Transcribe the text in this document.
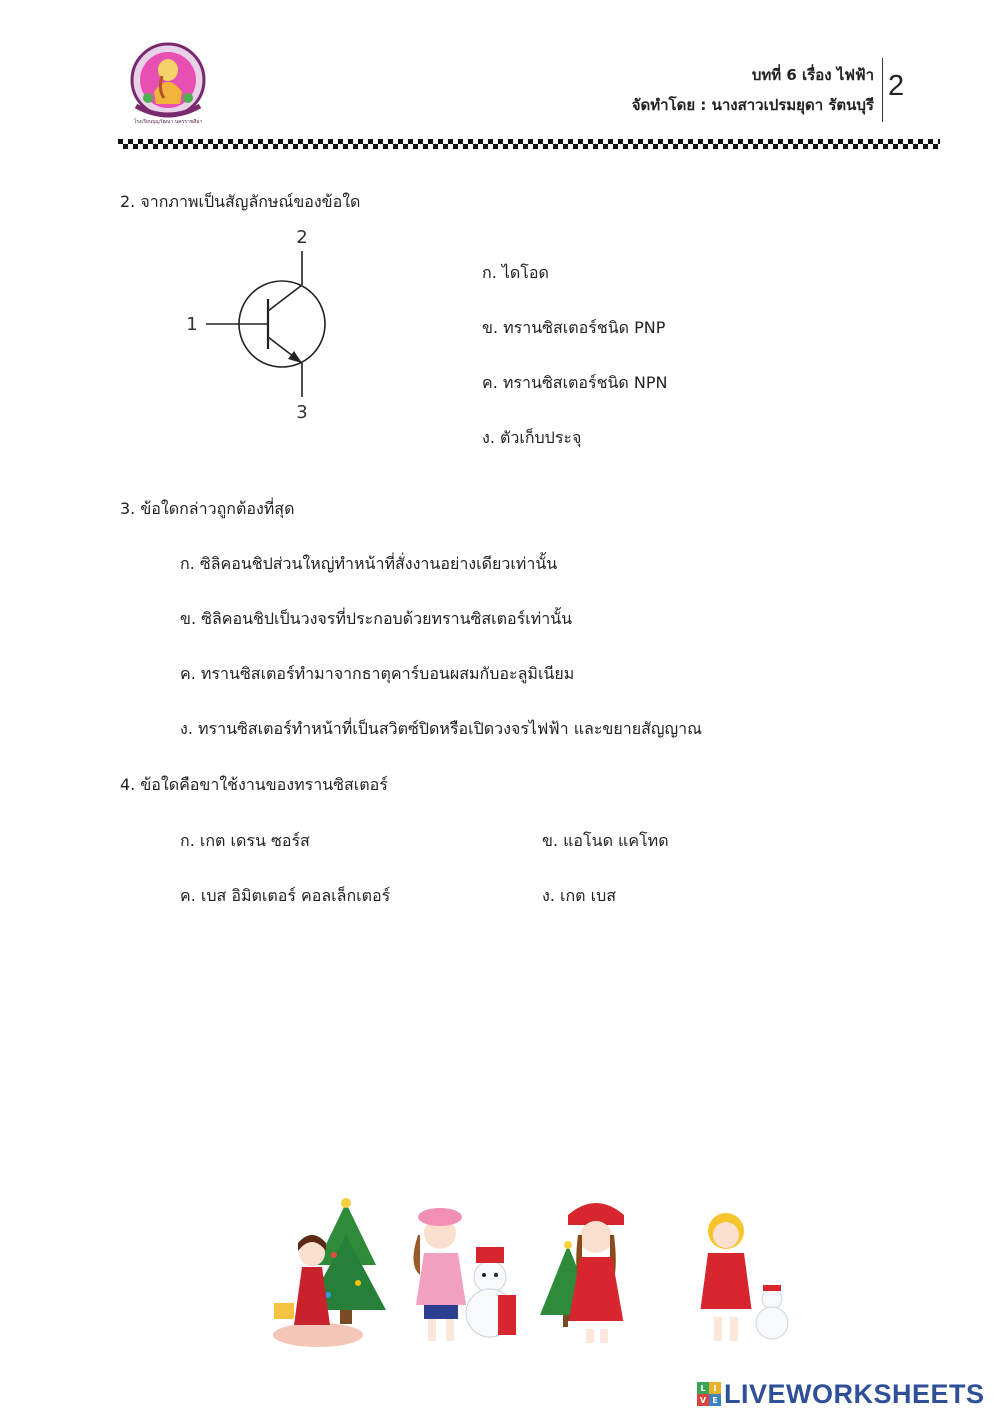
โรงเรียนบุญวัฒนา นครราชสีมา
บทที่ 6 เรื่อง ไฟฟ้า
จัดทำโดย : นางสาวเปรมยุดา รัตนบุรี
2
2. จากภาพเป็นสัญลักษณ์ของข้อใด
1
2
3
ก. ไดโอด
ข. ทรานซิสเตอร์ชนิด PNP
ค. ทรานซิสเตอร์ชนิด NPN
ง. ตัวเก็บประจุ
3. ข้อใดกล่าวถูกต้องที่สุด
ก. ซิลิคอนชิปส่วนใหญ่ทำหน้าที่สั่งงานอย่างเดียวเท่านั้น
ข. ซิลิคอนชิปเป็นวงจรที่ประกอบด้วยทรานซิสเตอร์เท่านั้น
ค. ทรานซิสเตอร์ทำมาจากธาตุคาร์บอนผสมกับอะลูมิเนียม
ง. ทรานซิสเตอร์ทำหน้าที่เป็นสวิตซ์ปิดหรือเปิดวงจรไฟฟ้า และขยายสัญญาณ
4. ข้อใดคือขาใช้งานของทรานซิสเตอร์
ก. เกต เดรน ซอร์ส	ข. แอโนด แคโทด
ค. เบส อิมิตเตอร์ คอลเล็กเตอร์	ง. เกต เบส
L I
V E LIVEWORKSHEETS
